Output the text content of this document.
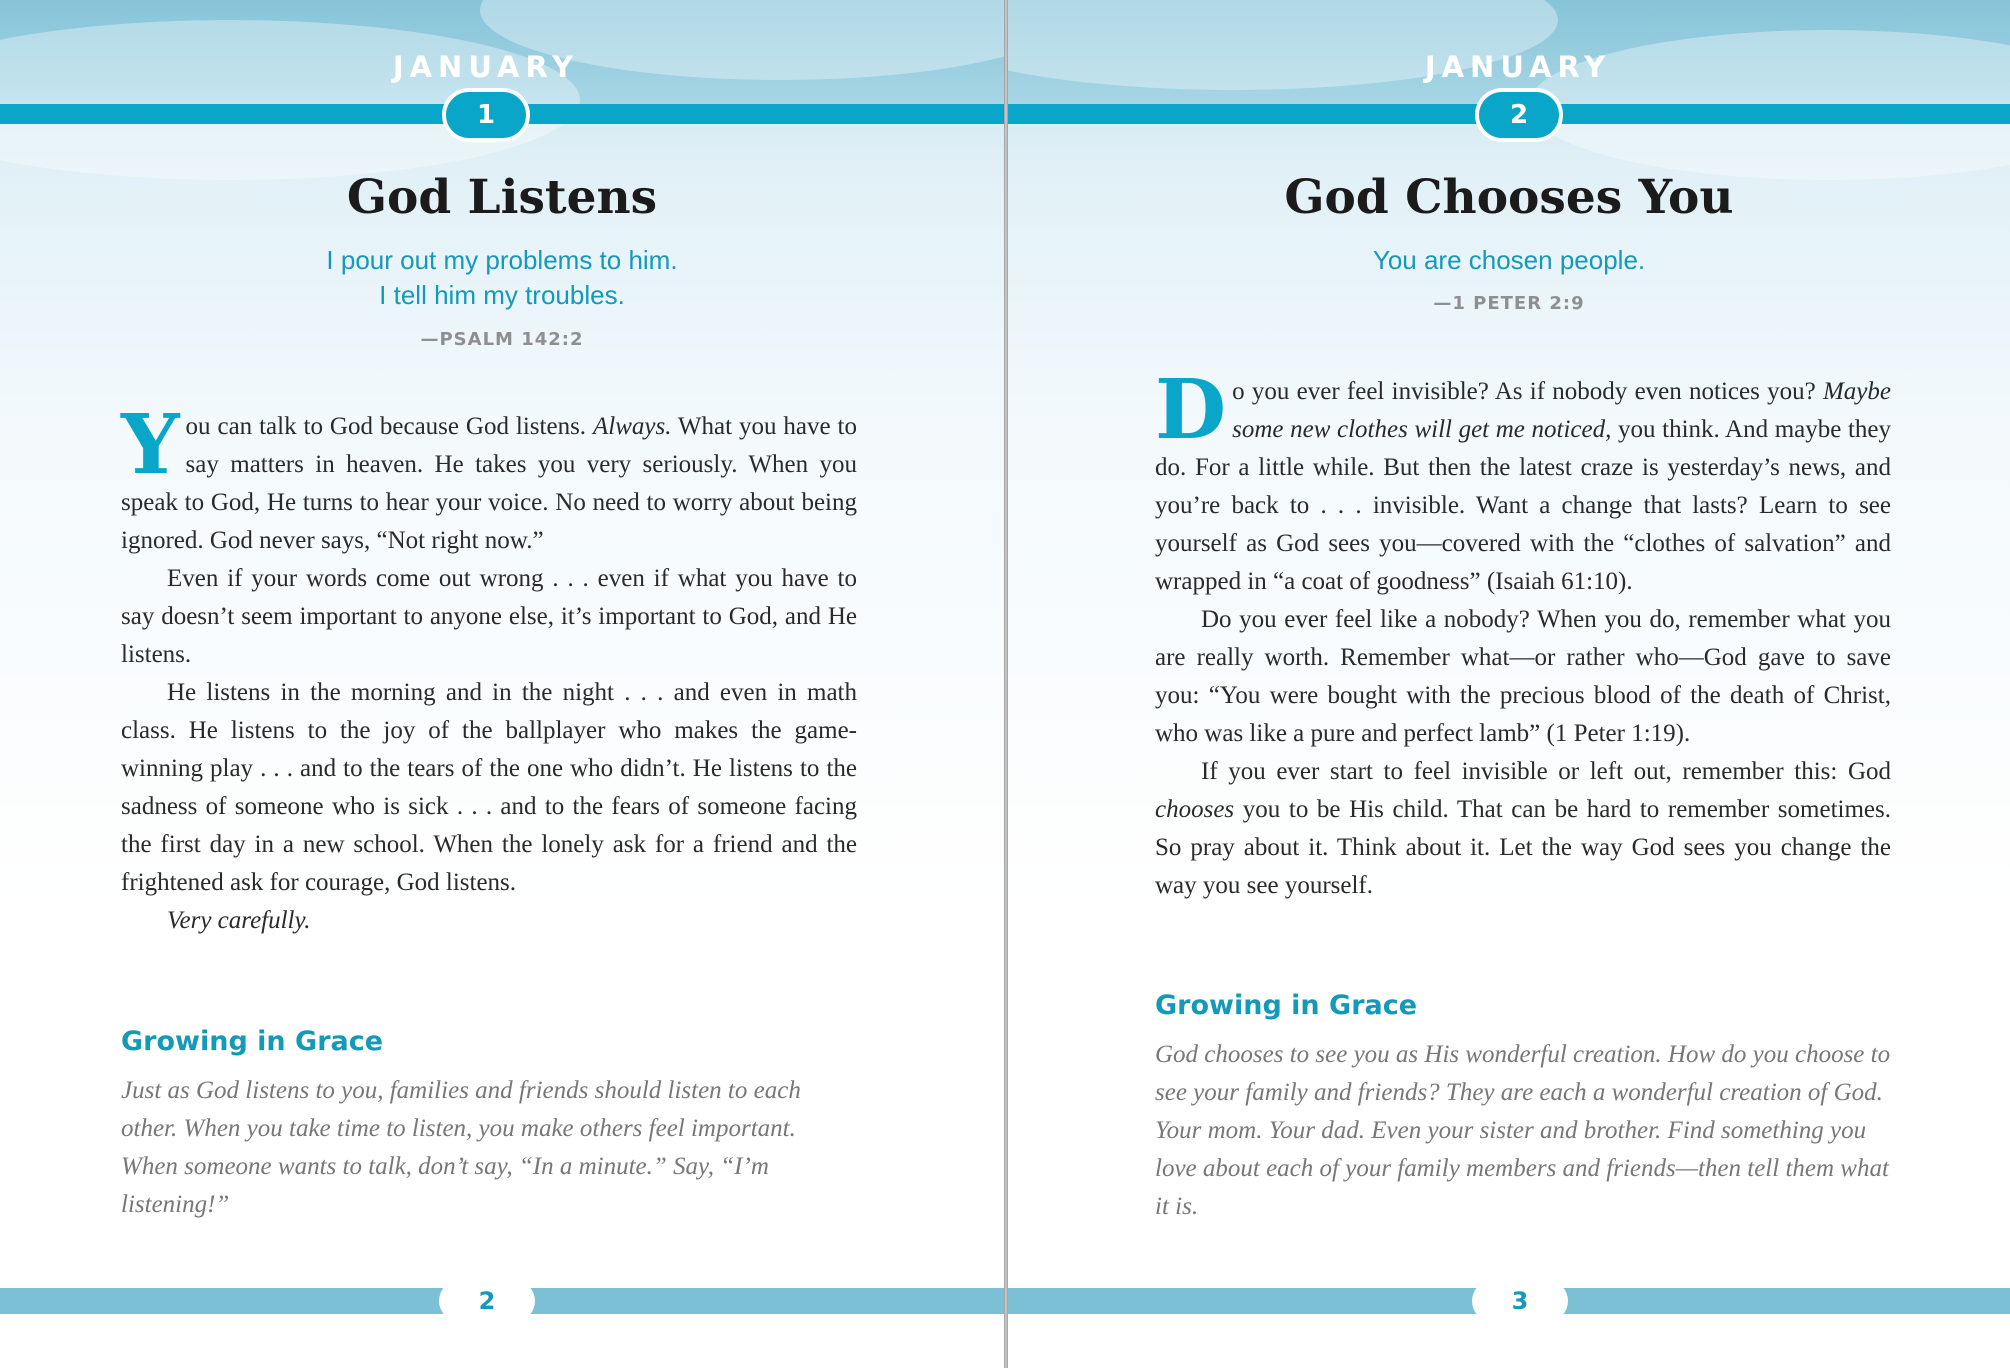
JANUARY
1
God Listens
I pour out my problems to him.
I tell him my troubles.
—PSALM 142:2

You can talk to God because God listens. Always. What you have to say matters in heaven. He takes you very seriously. When you speak to God, He turns to hear your voice. No need to worry about being ignored. God never says, “Not right now.”

Even if your words come out wrong . . . even if what you have to say doesn’t seem important to anyone else, it’s important to God, and He listens.

He listens in the morning and in the night . . . and even in math class. He listens to the joy of the ballplayer who makes the game-winning play . . . and to the tears of the one who didn’t. He listens to the sadness of someone who is sick . . . and to the fears of someone facing the first day in a new school. When the lonely ask for a friend and the frightened ask for courage, God listens.

Very carefully.

Growing in Grace
Just as God listens to you, families and friends should listen to each other. When you take time to listen, you make others feel important. When someone wants to talk, don’t say, “In a minute.” Say, “I’m listening!”
2
JANUARY
2
God Chooses You
You are chosen people.
—1 PETER 2:9

Do you ever feel invisible? As if nobody even notices you? Maybe some new clothes will get me noticed, you think. And maybe they do. For a little while. But then the latest craze is yesterday’s news, and you’re back to . . . invisible. Want a change that lasts? Learn to see yourself as God sees you—covered with the “clothes of salvation” and wrapped in “a coat of goodness” (Isaiah 61:10).

Do you ever feel like a nobody? When you do, remember what you are really worth. Remember what—or rather who—God gave to save you: “You were bought with the precious blood of the death of Christ, who was like a pure and perfect lamb” (1 Peter 1:19).

If you ever start to feel invisible or left out, remember this: God chooses you to be His child. That can be hard to remember sometimes. So pray about it. Think about it. Let the way God sees you change the way you see yourself.

Growing in Grace
God chooses to see you as His wonderful creation. How do you choose to see your family and friends? They are each a wonderful creation of God. Your mom. Your dad. Even your sister and brother. Find something you love about each of your family members and friends—then tell them what it is.
3
